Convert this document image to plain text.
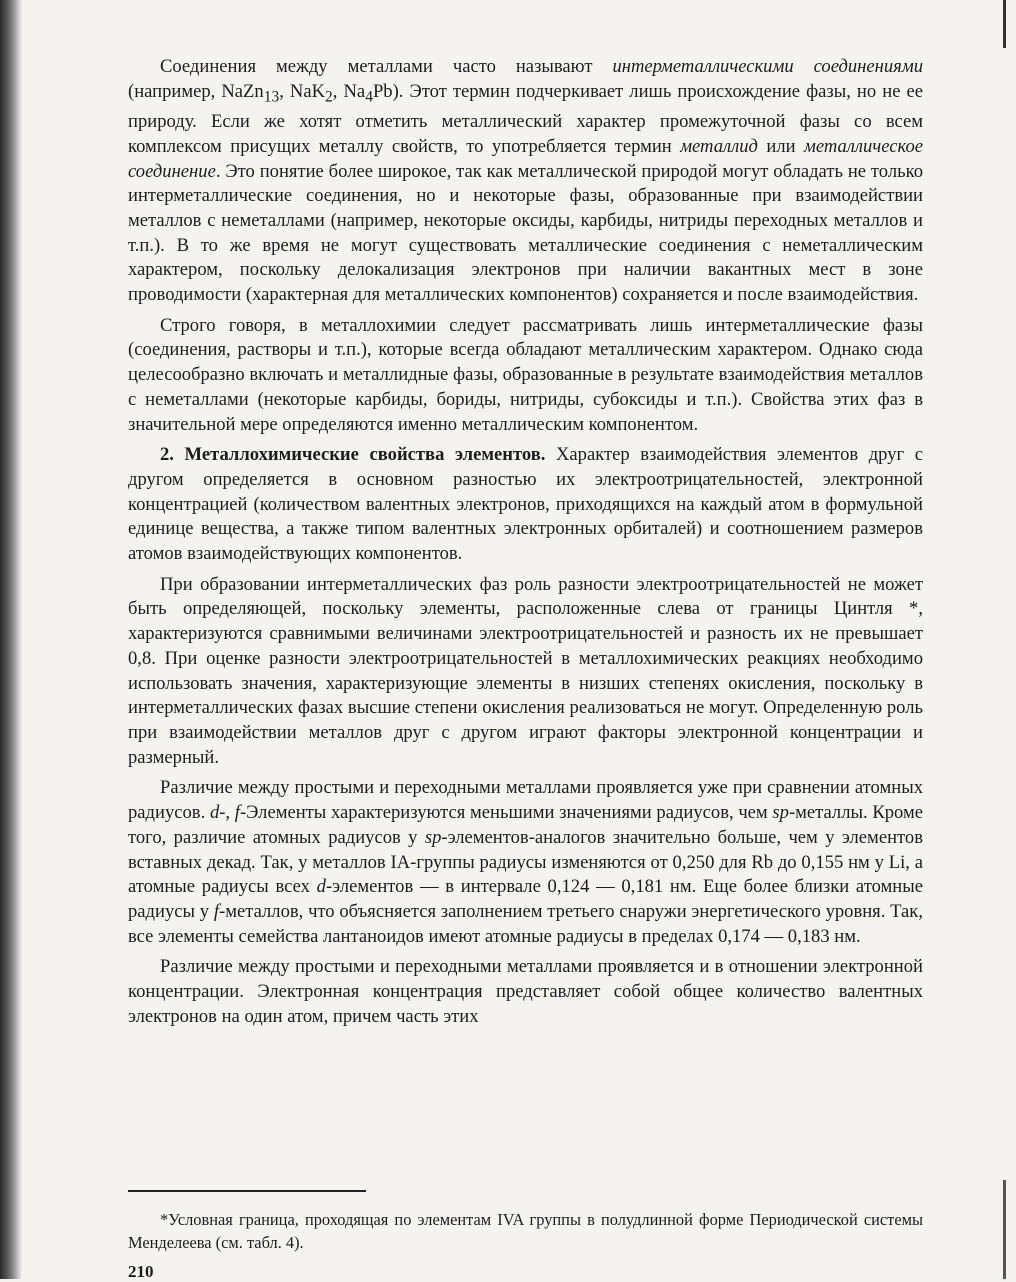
Соединения между металлами часто называют интерметаллическими соединениями (например, NaZn$_{13}$, NaK$_2$, $Na_4Pb$). Этот термин подчеркивает лишь происхождение фазы, но не ее природу. Если же хотят отметить металлический характер промежуточной фазы со всем комплексом присущих металлу свойств, то употребляется термин металлид или металлическое соединение. Это понятие более широкое, так как металлической природой могут обладать не только интерметаллические соединения, но и некоторые фазы, образованные при взаимодействии металлов с неметаллами (например, некоторые оксиды, карбиды, нитриды переходных металлов и т.п.). В то же время не могут существовать металлические соединения с неметаллическим характером, поскольку делокализация электронов при наличии вакантных мест в зоне проводимости (характерная для металлических компонентов) сохраняется и после взаимодействия.

Строго говоря, в металлохимии следует рассматривать лишь интерметаллические фазы (соединения, растворы и т.п.), которые всегда обладают металлическим характером. Однако сюда целесообразно включать и металлидные фазы, образованные в результате взаимодействия металлов с неметаллами (некоторые карбиды, бориды, нитриды, субоксиды и т.п.). Свойства этих фаз в значительной мере определяются именно металлическим компонентом.

2. Металлохимические свойства элементов. Характер взаимодействия элементов друг с другом определяется в основном разностью их электроотрицательностей, электронной концентрацией (количеством валентных электронов, приходящихся на каждый атом в формульной единице вещества, а также типом валентных электронных орбиталей) и соотношением размеров атомов взаимодействующих компонентов.

При образовании интерметаллических фаз роль разности электроотрицательностей не может быть определяющей, поскольку элементы, расположенные слева от границы Цинтля *, характеризуются сравнимыми величинами электроотрицательностей и разность их не превышает 0,8. При оценке разности электроотрицательностей в металлохимических реакциях необходимо использовать значения, характеризующие элементы в низших степенях окисления, поскольку в интерметаллических фазах высшие степени окисления реализоваться не могут. Определенную роль при взаимодействии металлов друг с другом играют факторы электронной концентрации и размерный.

Различие между простыми и переходными металлами проявляется уже при сравнении атомных радиусов. d-, f-Элементы характеризуются меньшими значениями радиусов, чем sp-металлы. Кроме того, различие атомных радиусов у sp-элементов-аналогов значительно больше, чем у элементов вставных декад. Так, у металлов IA-группы радиусы изменяются от 0,250 для Rb до 0,155 нм у Li, а атомные радиусы всех d-элементов — в интервале 0,124 — 0,181 нм. Еще более близки атомные радиусы у f-металлов, что объясняется заполнением третьего снаружи энергетического уровня. Так, все элементы семейства лантаноидов имеют атомные радиусы в пределах 0,174 — 0,183 нм.

Различие между простыми и переходными металлами проявляется и в отношении электронной концентрации. Электронная концентрация представляет собой общее количество валентных электронов на один атом, причем часть этих

*Условная граница, проходящая по элементам IVA группы в полудлинной форме Периодической системы Менделеева (см. табл. 4).
210
